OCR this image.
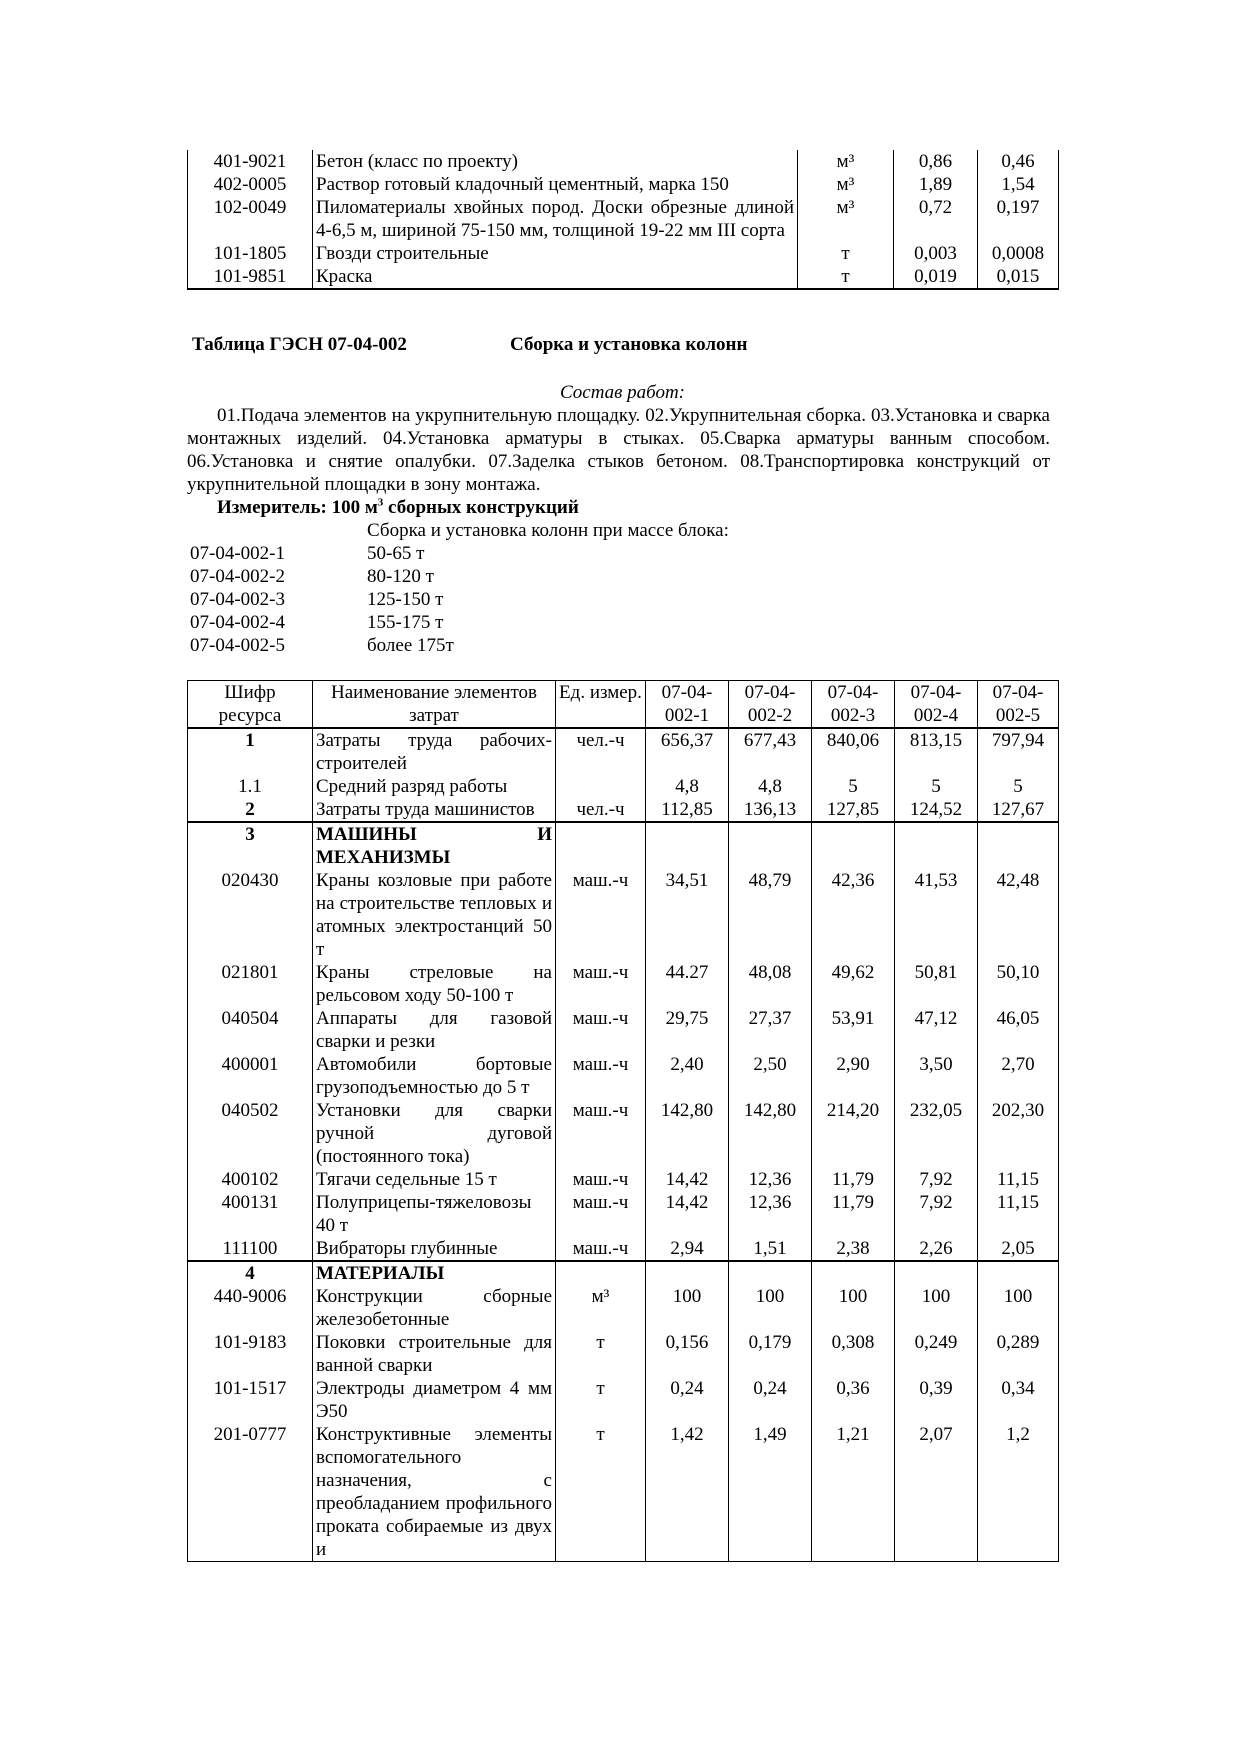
401-9021	Бетон (класс по проекту)	м³	0,86	0,46
402-0005	Раствор готовый кладочный цементный, марка 150	м³	1,89	1,54
102-0049	Пиломатериалы хвойных пород. Доски обрезные длиной 4-6,5 м, шириной 75-150 мм, толщиной 19-22 мм III сорта	м³	0,72	0,197
101-1805	Гвозди строительные	т	0,003	0,0008
101-9851	Краска	т	0,019	0,015
Таблица ГЭСН 07-04-002	Сборка и установка колонн
Состав работ:
01.Подача элементов на укрупнительную площадку. 02.Укрупнительная сборка. 03.Установка и сварка монтажных изделий. 04.Установка арматуры в стыках. 05.Сварка арматуры ванным способом. 06.Установка и снятие опалубки. 07.Заделка стыков бетоном. 08.Транспортировка конструкций от укрупнительной площадки в зону монтажа.
Измеритель: 100 $м^3$ сборных конструкций
Сборка и установка колонн при массе блока:
07-04-002-1	50-65 т
07-04-002-2	80-120 т
07-04-002-3	125-150 т
07-04-002-4	155-175 т
07-04-002-5	более 175т
Шифр ресурса	Наименование элементов затрат	Ед. измер.	07-04-002-1	07-04-002-2	07-04-002-3	07-04-002-4	07-04-002-5
1	Затраты труда рабочих-строителей	чел.-ч	656,37	677,43	840,06	813,15	797,94
1.1	Средний разряд работы		4,8	4,8	5	5	5
2	Затраты труда машинистов	чел.-ч	112,85	136,13	127,85	124,52	127,67
3	МАШИНЫ И МЕХАНИЗМЫ						
020430	Краны козловые при работе на строительстве тепловых и атомных электростанций 50 т	маш.-ч	34,51	48,79	42,36	41,53	42,48
021801	Краны стреловые на рельсовом ходу 50-100 т	маш.-ч	44.27	48,08	49,62	50,81	50,10
040504	Аппараты для газовой сварки и резки	маш.-ч	29,75	27,37	53,91	47,12	46,05
400001	Автомобили бортовые грузоподъемностью до 5 т	маш.-ч	2,40	2,50	2,90	3,50	2,70
040502	Установки для сварки ручной дуговой (постоянного тока)	маш.-ч	142,80	142,80	214,20	232,05	202,30
400102	Тягачи седельные 15 т	маш.-ч	14,42	12,36	11,79	7,92	11,15
400131	Полуприцепы-тяжеловозы 40 т	маш.-ч	14,42	12,36	11,79	7,92	11,15
111100	Вибраторы глубинные	маш.-ч	2,94	1,51	2,38	2,26	2,05
4	МАТЕРИАЛЫ						
440-9006	Конструкции сборные железобетонные	м³	100	100	100	100	100
101-9183	Поковки строительные для ванной сварки	т	0,156	0,179	0,308	0,249	0,289
101-1517	Электроды диаметром 4 мм Э50	т	0,24	0,24	0,36	0,39	0,34
201-0777	Конструктивные элементы вспомогательного назначения, с преобладанием профильного проката собираемые из двух и	т	1,42	1,49	1,21	2,07	1,2
